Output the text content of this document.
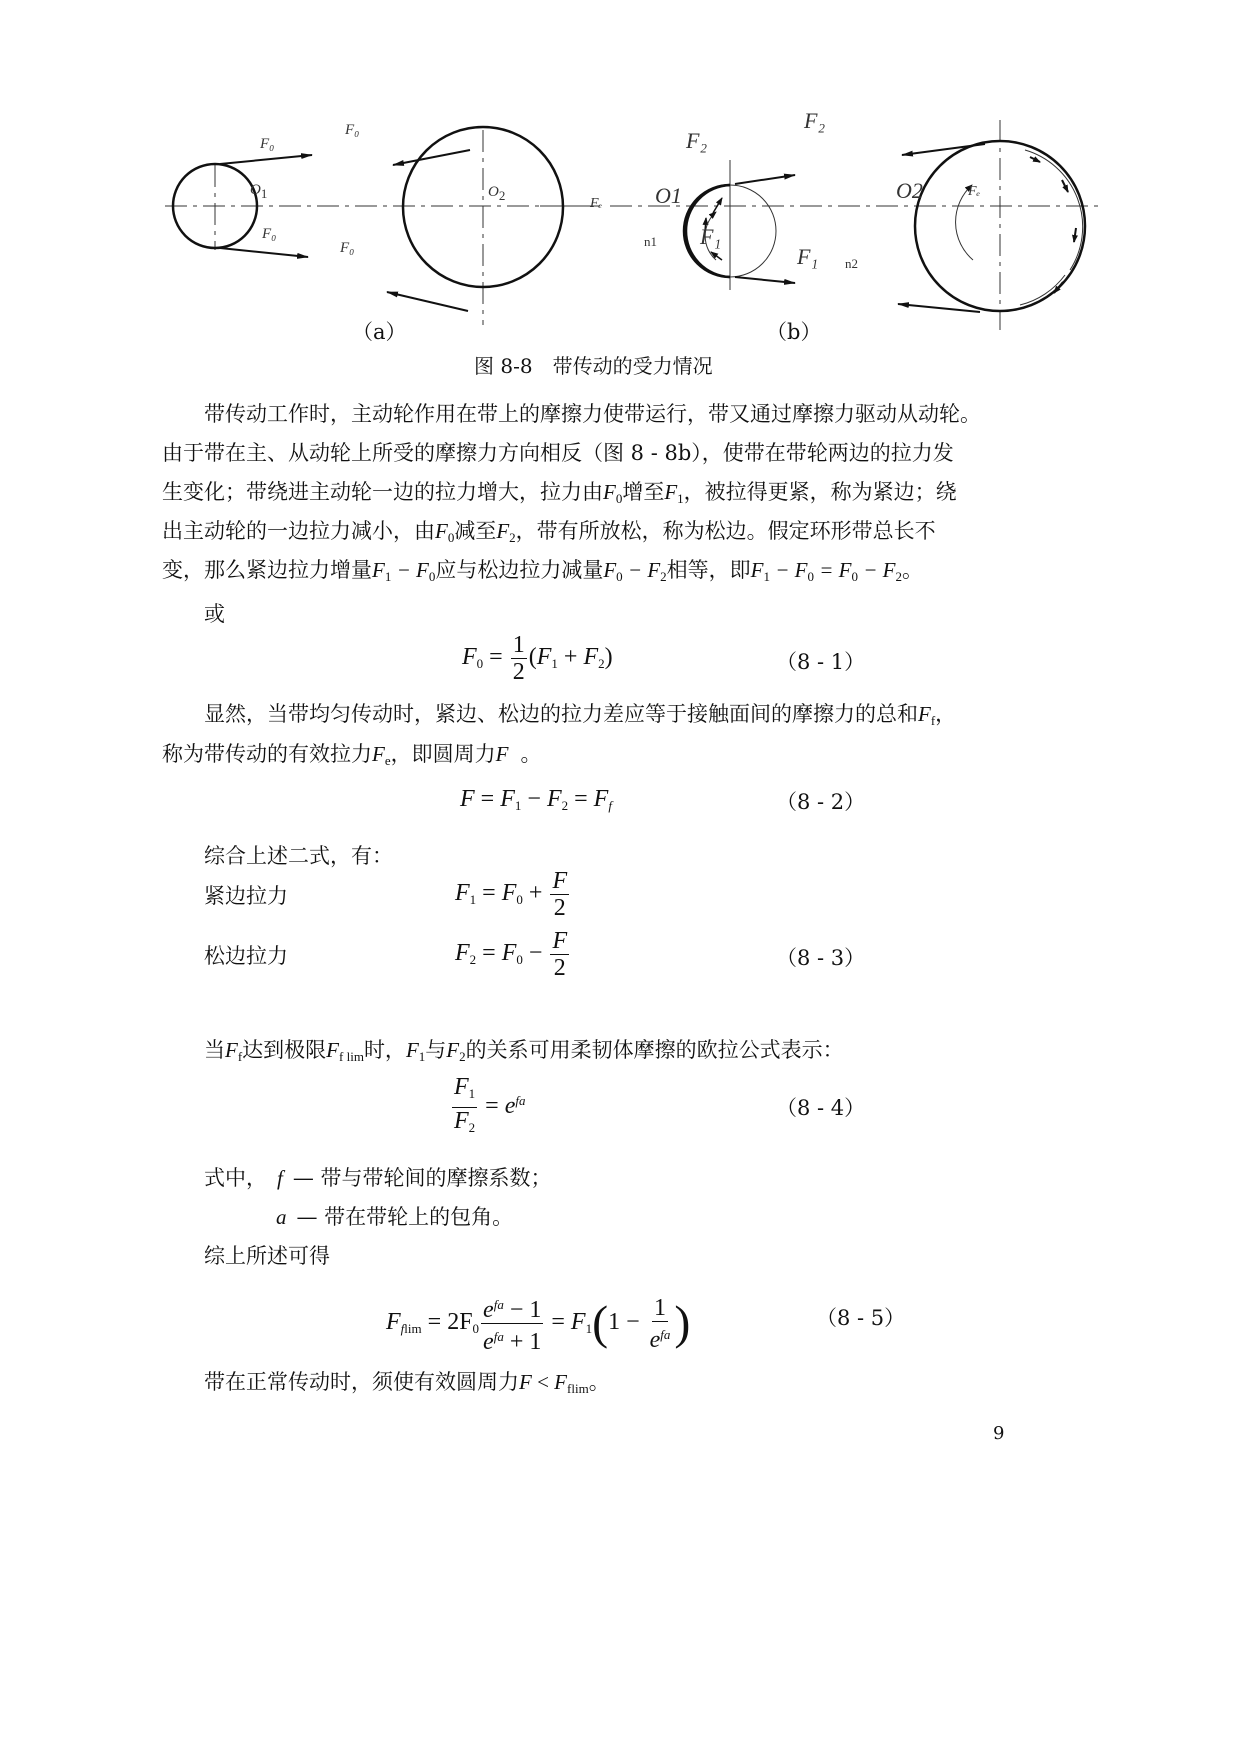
F₀
F₀
F₀
F₀
$O_1$	$O_2$
F₂
F₁
Fₑ O1
n1
F₂
F₁
Fₑ
O2
n2
（a）	（b）
图 8-8　带传动的受力情况
带传动工作时，主动轮作用在带上的摩擦力使带运行，带又通过摩擦力驱动从动轮。
由于带在主、从动轮上所受的摩擦力方向相反（图 8 - 8b），使带在带轮两边的拉力发
生变化；带绕进主动轮一边的拉力增大，拉力由$F_0$增至$F_1$，被拉得更紧，称为紧边；绕
出主动轮的一边拉力减小，由$F_0$减至$F_2$，带有所放松，称为松边。假定环形带总长不
变，那么紧边拉力增量$F_1 - F_0$应与松边拉力减量$F_0 - F_2$相等，即$F_1 - F_0 = F_0 - F_2$。
或
$F_0 = \frac{1}{2} (F_1 + F_2)$	（8 - 1）
显然，当带均匀传动时，紧边、松边的拉力差应等于接触面间的摩擦力的总和$F_f$，
称为带传动的有效拉力$F_e$，即圆周力F 。
$F = F_1 - F_2 = F_f$	（8 - 2）
综合上述二式，有：
紧边拉力	$F_1 = F_0 + \frac{F}{2}$
松边拉力	$F_2 = F_0 - \frac{F}{2}$	（8 - 3）
当$F_f$达到极限$F_{f lim}$时，$F_1$与$F_2$的关系可用柔韧体摩擦的欧拉公式表示：
$\frac{F_1}{F_2} = e^{fa}$	（8 - 4）
式中， f — 带与带轮间的摩擦系数；
a — 带在带轮上的包角。
综上所述可得
$F_{flim} = 2F_0 \frac{e^{fa} - 1}{e^{fa} + 1} = F_1(1 - \frac{1}{e^{fa}}$ )	（8 - 5）
带在正常传动时，须使有效圆周力$F < F_{flim}$。
9
